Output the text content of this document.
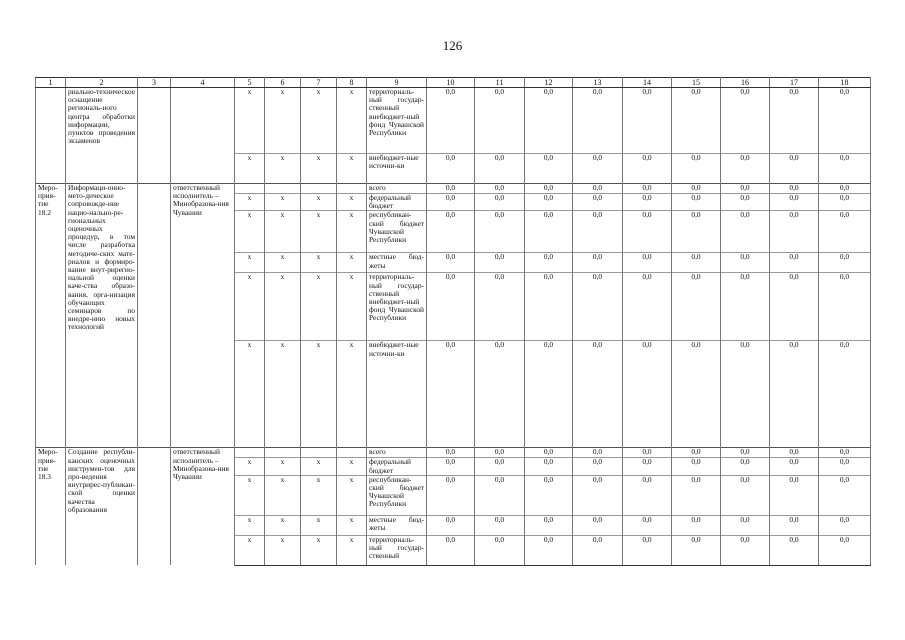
126
1	2	3	4	5	6	7	8	9	10	11	12	13	14	15	16	17	18
	риально-техническое оснащение региональ-ного центра обработки информации, пунктов проведения экзаменов			x	x	x	x	территориаль-ный государ-ственный внебюджет-ный фонд Чувашской Республики	0,0	0,0	0,0	0,0	0,0	0,0	0,0	0,0	0,0
				x	x	x	x	внебюджет-ные источни-ки	0,0	0,0	0,0	0,0	0,0	0,0	0,0	0,0	0,0
Меро-прия-тие 18.2	Информаци-онно-мето-дическое сопровожде-ние нацио-нально-ре-гиональных оценочных процедур, в том числе разработка методиче-ских мате-риалов и формиро-вание внут-рирегио-нальной оценки каче-ства образо-вания, орга-низация обучающих семинаров по внедре-нию новых технологий		ответственный исполнитель – Минобразова-ния Чувашии					всего	0,0	0,0	0,0	0,0	0,0	0,0	0,0	0,0	0,0
				x	x	x	x	федеральный бюджет	0,0	0,0	0,0	0,0	0,0	0,0	0,0	0,0	0,0
				x	x	x	x	республикан-ский бюджет Чувашской Республики	0,0	0,0	0,0	0,0	0,0	0,0	0,0	0,0	0,0
				x	x	x	x	местные бюд-жеты	0,0	0,0	0,0	0,0	0,0	0,0	0,0	0,0	0,0
				x	x	x	x	территориаль-ный государ-ственный внебюджет-ный фонд Чувашской Республики	0,0	0,0	0,0	0,0	0,0	0,0	0,0	0,0	0,0
				x	x	x	x	внебюджет-ные источни-ки	0,0	0,0	0,0	0,0	0,0	0,0	0,0	0,0	0,0
Меро-прия-тие 18.3	Создание республи-канских оценочных инструмен-тов для про-ведения внутрирес-публикан-ской оценки качества образования		ответственный исполнитель – Минобразова-ния Чувашии					всего	0,0	0,0	0,0	0,0	0,0	0,0	0,0	0,0	0,0
				x	x	x	x	федеральный бюджет	0,0	0,0	0,0	0,0	0,0	0,0	0,0	0,0	0,0
				x	x	x	x	республикан-ский бюджет Чувашской Республики	0,0	0,0	0,0	0,0	0,0	0,0	0,0	0,0	0,0
				x	x	x	x	местные бюд-жеты	0,0	0,0	0,0	0,0	0,0	0,0	0,0	0,0	0,0
				x	x	x	x	территориаль-ный государ-ственный	0,0	0,0	0,0	0,0	0,0	0,0	0,0	0,0	0,0
